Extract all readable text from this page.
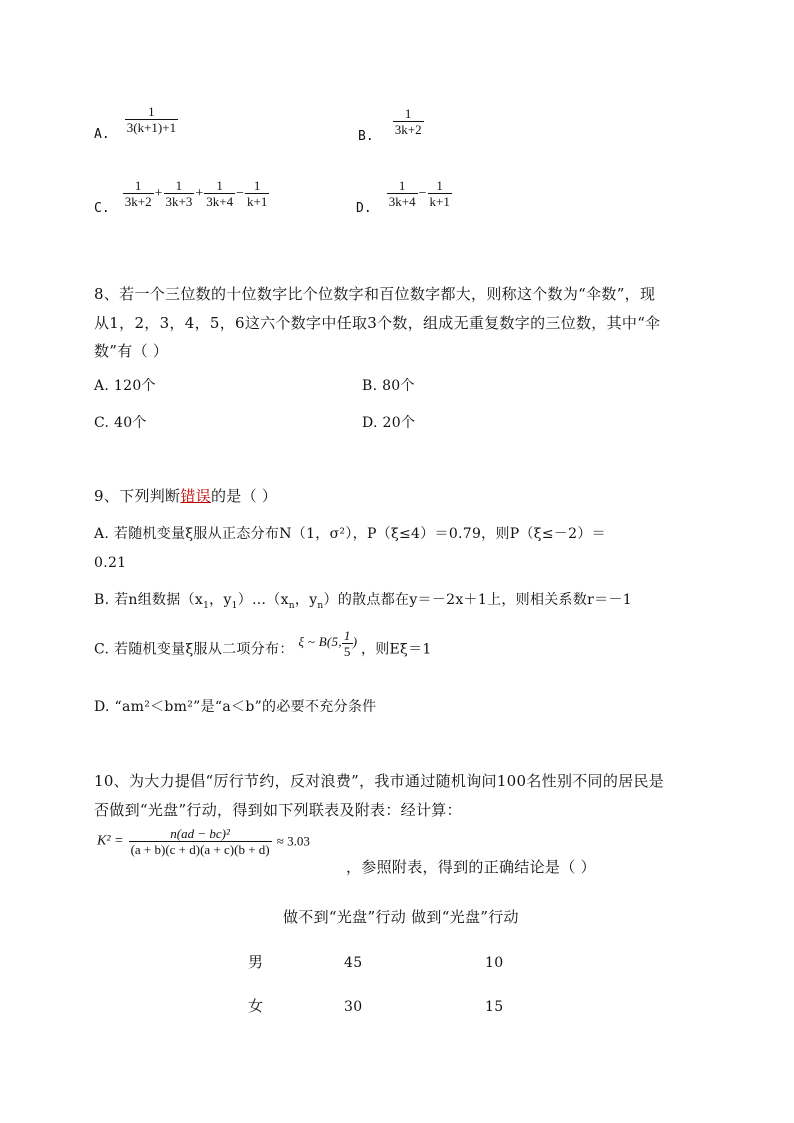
$_{A.} \frac{1}{3(k+1)+1}$
$_{B.} \frac{1}{3k+2}$
$_{C.} \frac{1}{3k+2} + \frac{1}{3k+3} + \frac{1}{3k+4} - \frac{1}{k+1}$	$_{D.} \frac{1}{3k+4} - \frac{1}{k+1}$
8、若一个三位数的十位数字比个位数字和百位数字都大，则称这个数为“伞数”，现
从1，2，3，4，5，6这六个数字中任取3个数，组成无重复数字的三位数，其中“伞
数”有（ ）
A. 120个	B. 80个
C. 40个	D. 20个
9、下列判断错误的是（ ）
A. 若随机变量ξ服从正态分布N（1，σ²），P（ξ≤4）＝0.79，则P（ξ≤－2）＝
0.21
B. 若n组数据（$x_1$，$y_1)\dots(x_n$，$y_n$）的散点都在y＝－2x＋1上，则相关系数r＝－1
C. 若随机变量ξ服从二项分布： ξ ~ B(5, $\frac{1}{5}$ ) ，则Eξ＝1
D. “am²＜bm²”是“a＜b”的必要不充分条件
10、为大力提倡“厉行节约，反对浪费”，我市通过随机询问100名性别不同的居民是
否做到“光盘”行动，得到如下列联表及附表：经计算：
$K^2 = \frac{\text{n(ad − bc)²}}{(a + b)(c + d)(a + c)(b + d)} \approx 3.03$
，参照附表，得到的正确结论是（ ）
做不到“光盘”行动 做到“光盘”行动
男	45	10
女	30	15
